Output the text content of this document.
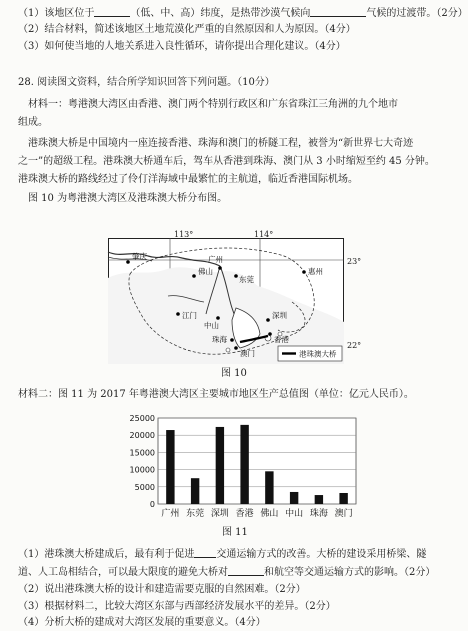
（1）该地区位于	（低、中、高）纬度，是热带沙漠气候向	气候的过渡带。（2分）
（2）结合材料，简述该地区土地荒漠化严重的自然原因和人为原因。（4分）
（3）如何使当地的人地关系进入良性循环，请你提出合理化建议。（4分）
28. 阅读图文资料，结合所学知识回答下列问题。（10分）
材料一：粤港澳大湾区由香港、澳门两个特别行政区和广东省珠江三角洲的九个地市
组成。
港珠澳大桥是中国境内一座连接香港、珠海和澳门的桥隧工程，被誉为“新世界七大奇迹
之一”的超级工程。港珠澳大桥通车后，驾车从香港到珠海、澳门从 3 小时缩短至约 45 分钟。
港珠澳大桥的路线经过了伶仃洋海域中最繁忙的主航道，临近香港国际机场。
图 10 为粤港澳大湾区及港珠澳大桥分布图。
肇庆
佛山
广州
东莞
惠州
深圳
江门
中山
香港
珠海
澳门	港珠澳大桥
113°	114°
23°
22°
图 10
材料二：图 11 为 2017 年粤港澳大湾区主要城市地区生产总值图（单位：亿元人民币）。
0
5000
10000
15000
20000
25000
广州 东莞 深圳 香港 佛山 中山 珠海 澳门
图 11
（1）港珠澳大桥建成后，最有利于促进 交通运输方式的改善。大桥的建设采用桥梁、隧
道、人工岛相结合，可以最大限度的避免大桥对	和航空等交通运输方式的影响。（2分）
（2）说出港珠澳大桥的设计和建造需要克服的自然困难。（2分）
（3）根据材料二，比较大湾区东部与西部经济发展水平的差异。（2分）
（4）分析大桥的建成对大湾区发展的重要意义。（4分）
